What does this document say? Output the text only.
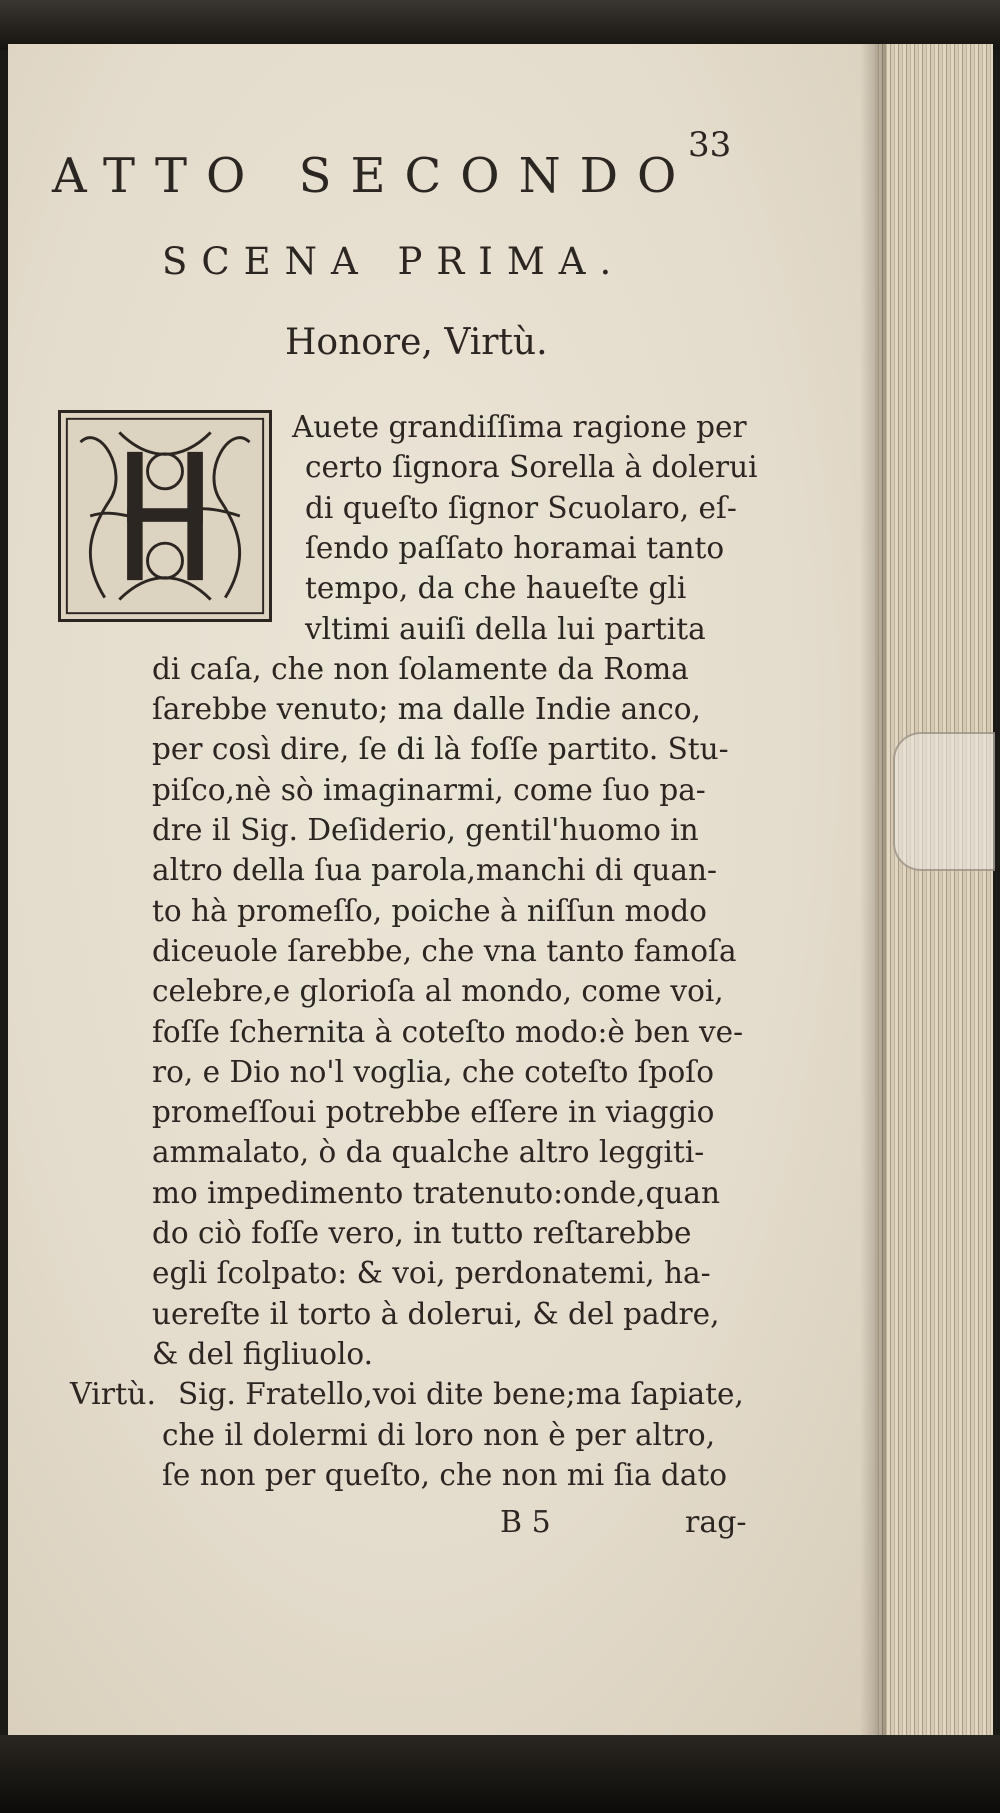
33
ATTO SECONDO
SCENA PRIMA.
Honore, Virtù.
Auete grandiſſima ragione per
certo ſignora Sorella à dolerui
di queſto ſignor Scuolaro, eſ-
ſendo paſſato horamai tanto
tempo, da che haueſte gli
vltimi auiſi della lui partita
di caſa, che non ſolamente da Roma
ſarebbe venuto; ma dalle Indie anco,
per così dire, ſe di là foſſe partito. Stu-
piſco,nè sò imaginarmi, come ſuo pa-
dre il Sig. Deſiderio, gentil'huomo in
altro della ſua parola,manchi di quan-
to hà promeſſo, poiche à niſſun modo
diceuole ſarebbe, che vna tanto famoſa
celebre,e glorioſa al mondo, come voi,
foſſe ſchernita à coteſto modo:è ben ve-
ro, e Dio no'l voglia, che coteſto ſpoſo
promeſſoui potrebbe eſſere in viaggio
ammalato, ò da qualche altro leggiti-
mo impedimento tratenuto:onde,quan
do ciò foſſe vero, in tutto reſtarebbe
egli ſcolpato: & voi, perdonatemi, ha-
uereſte il torto à dolerui, & del padre,
& del figliuolo.
Virtù. Sig. Fratello,voi dite bene;ma ſapiate,
che il dolermi di loro non è per altro,
ſe non per queſto, che non mi ſia dato
B 5	rag-
